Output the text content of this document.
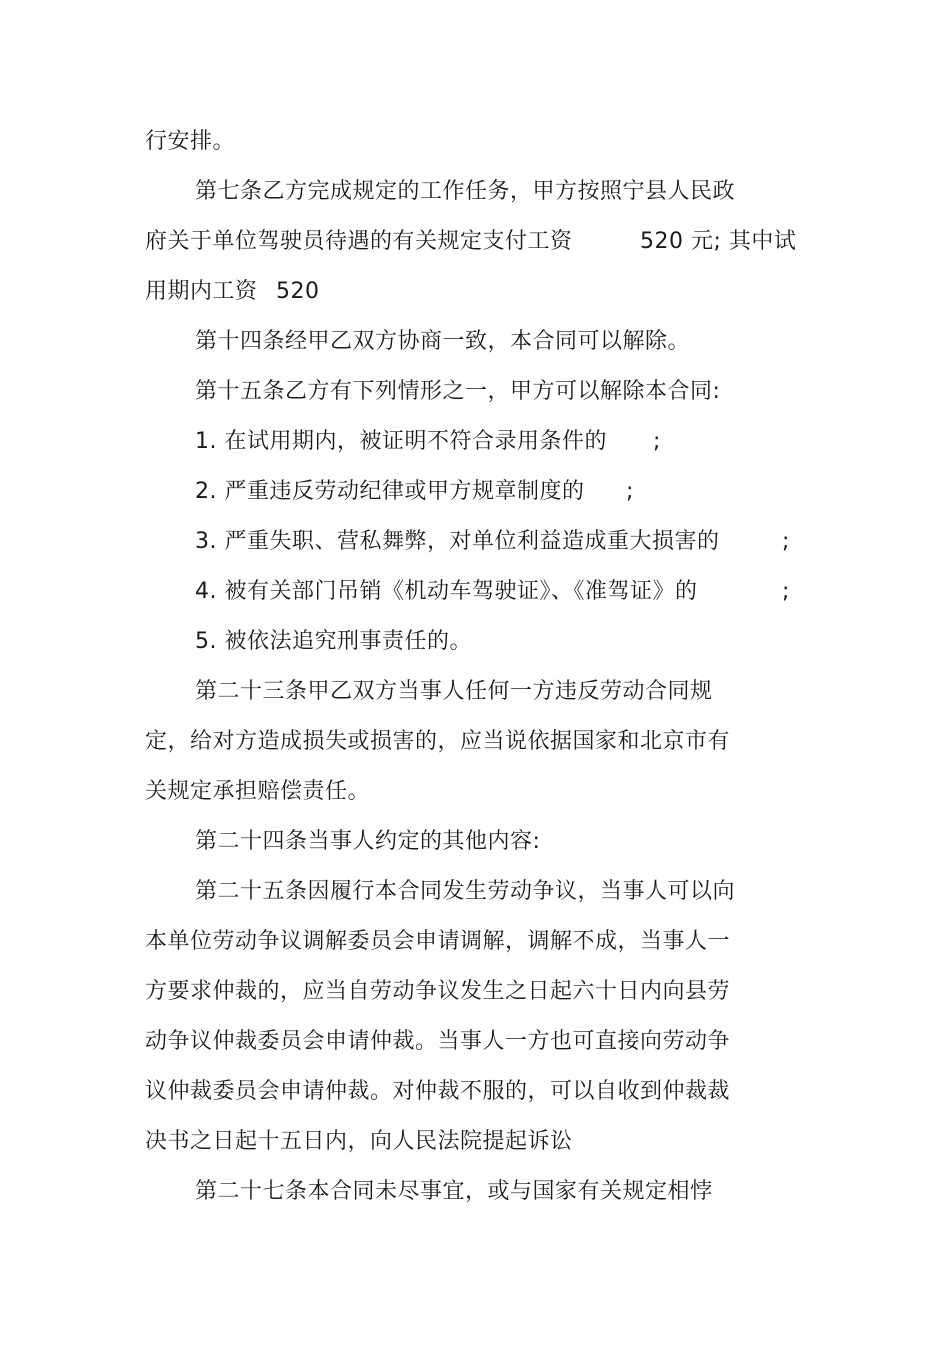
行安排。
第七条乙方完成规定的工作任务，甲方按照宁县人民政
府关于单位驾驶员待遇的有关规定支付工资	520 元; 其中试
用期内工资 520
第十四条经甲乙双方协商一致，本合同可以解除。
第十五条乙方有下列情形之一，甲方可以解除本合同:
1. 在试用期内，被证明不符合录用条件的 ;
2. 严重违反劳动纪律或甲方规章制度的 ;
3. 严重失职、营私舞弊，对单位利益造成重大损害的	;
4. 被有关部门吊销《机动车驾驶证》、《准驾证》的	;
5. 被依法追究刑事责任的。
第二十三条甲乙双方当事人任何一方违反劳动合同规
定，给对方造成损失或损害的，应当说依据国家和北京市有
关规定承担赔偿责任。
第二十四条当事人约定的其他内容:
第二十五条因履行本合同发生劳动争议，当事人可以向
本单位劳动争议调解委员会申请调解，调解不成，当事人一
方要求仲裁的，应当自劳动争议发生之日起六十日内向县劳
动争议仲裁委员会申请仲裁。当事人一方也可直接向劳动争
议仲裁委员会申请仲裁。对仲裁不服的，可以自收到仲裁裁
决书之日起十五日内，向人民法院提起诉讼
第二十七条本合同未尽事宜，或与国家有关规定相悖
